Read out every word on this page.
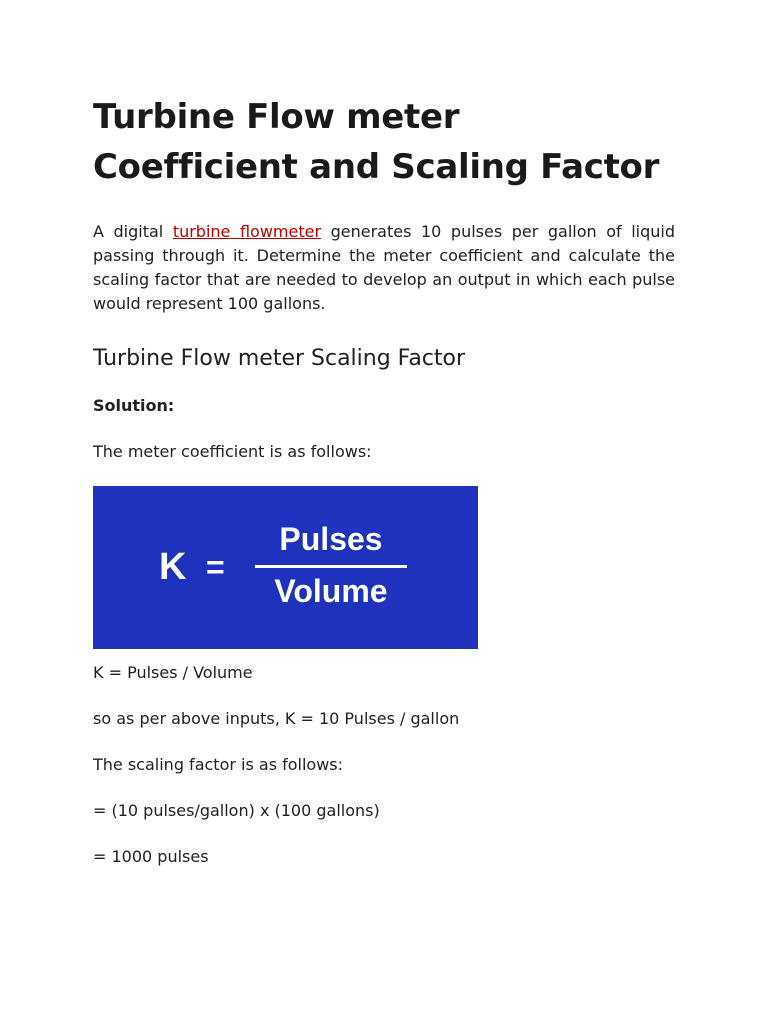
Turbine Flow meter
Coefficient and Scaling Factor

A digital turbine flowmeter generates 10 pulses per gallon of liquid passing through it. Determine the meter coefficient and calculate the scaling factor that are needed to develop an output in which each pulse would represent 100 gallons.

Turbine Flow meter Scaling Factor

Solution:

The meter coefficient is as follows:

K =
Pulses
Volume

K = Pulses / Volume

so as per above inputs, K = 10 Pulses / gallon

The scaling factor is as follows:

= (10 pulses/gallon) x (100 gallons)

= 1000 pulses
